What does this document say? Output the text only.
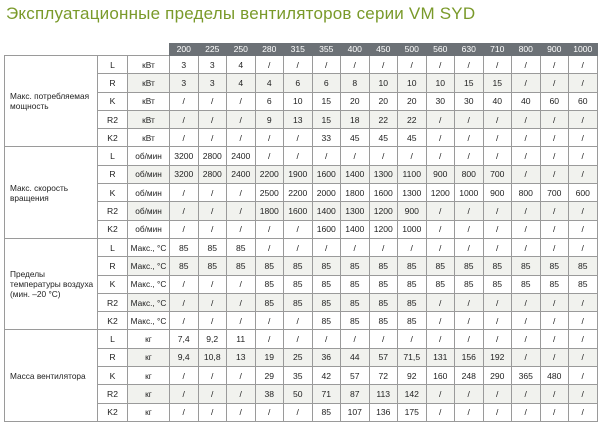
Эксплуатационные пределы вентиляторов серии VM SYD
			200	225	250	280	315	355	400	450	500	560	630	710	800	900	1000
Макс. потребляемая мощность	L	кВт	3	3	4	/	/	/	/	/	/	/	/	/	/	/	/
	R	кВт	3	3	4	4	6	6	8	10	10	10	15	15	/	/	/
	K	кВт	/	/	/	6	10	15	20	20	20	30	30	40	40	60	60
	R2	кВт	/	/	/	9	13	15	18	22	22	/	/	/	/	/	/
	K2	кВт	/	/	/	/	/	33	45	45	45	/	/	/	/	/	/
Макс. скорость вращения	L	об/мин	3200	2800	2400	/	/	/	/	/	/	/	/	/	/	/	/
	R	об/мин	3200	2800	2400	2200	1900	1600	1400	1300	1100	900	800	700	/	/	/
	K	об/мин	/	/	/	2500	2200	2000	1800	1600	1300	1200	1000	900	800	700	600
	R2	об/мин	/	/	/	1800	1600	1400	1300	1200	900	/	/	/	/	/	/
	K2	об/мин	/	/	/	/	/	1600	1400	1200	1000	/	/	/	/	/	/
Пределы температуры воздуха (мин. –20 °С)	L	Макс., °С	85	85	85	/	/	/	/	/	/	/	/	/	/	/	/
	R	Макс., °С	85	85	85	85	85	85	85	85	85	85	85	85	85	85	85
	K	Макс., °С	/	/	/	85	85	85	85	85	85	85	85	85	85	85	85
	R2	Макс., °С	/	/	/	85	85	85	85	85	85	/	/	/	/	/	/
	K2	Макс., °С	/	/	/	/	/	85	85	85	85	/	/	/	/	/	/
Масса вентилятора	L	кг	7,4	9,2	11	/	/	/	/	/	/	/	/	/	/	/	/
	R	кг	9,4	10,8	13	19	25	36	44	57	71,5	131	156	192	/	/	/
	K	кг	/	/	/	29	35	42	57	72	92	160	248	290	365	480	/
	R2	кг	/	/	/	38	50	71	87	113	142	/	/	/	/	/	/
	K2	кг	/	/	/	/	/	85	107	136	175	/	/	/	/	/	/
